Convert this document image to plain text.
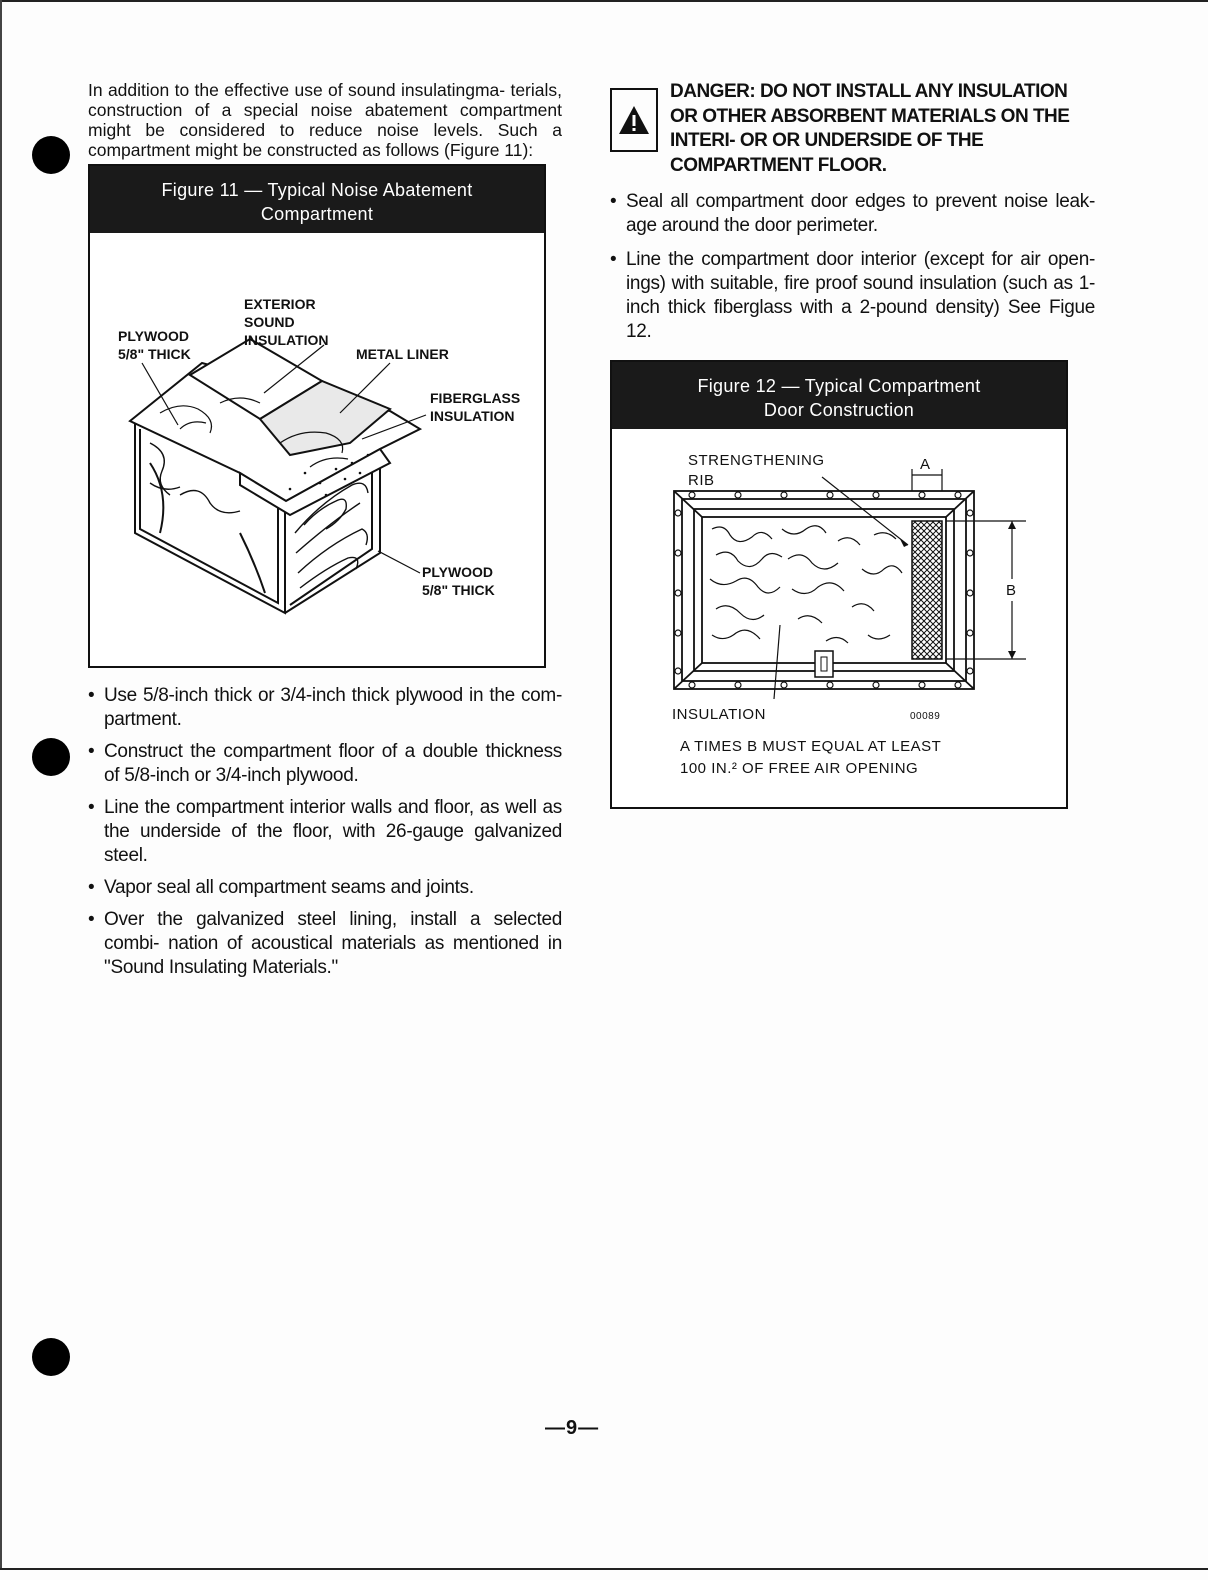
In addition to the effective use of sound insulatingma- terials, construction of a special noise abatement compartment might be considered to reduce noise levels. Such a compartment might be constructed as follows (Figure 11):

Figure 11 — Typical Noise Abatement
Compartment
EXTERIOR
SOUND
INSULATION
PLYWOOD
5/8" THICK	METAL LINER
FIBERGLASS
INSULATION
PLYWOOD
5/8" THICK
• Use 5/8-inch thick or 3/4-inch thick plywood in the com- partment.
• Construct the compartment floor of a double thickness of 5/8-inch or 3/4-inch plywood.
• Line the compartment interior walls and floor, as well as the underside of the floor, with 26-gauge galvanized steel.
• Vapor seal all compartment seams and joints.
• Over the galvanized steel lining, install a selected combi- nation of acoustical materials as mentioned in "Sound Insulating Materials."
DANGER: DO NOT INSTALL ANY INSULATION OR OTHER ABSORBENT MATERIALS ON THE INTERI- OR OR UNDERSIDE OF THE COMPARTMENT FLOOR.
• Seal all compartment door edges to prevent noise leak- age around the door perimeter.
• Line the compartment door interior (except for air open- ings) with suitable, fire proof sound insulation (such as 1- inch thick fiberglass with a 2-pound density) See Figue 12.
Figure 12 — Typical Compartment
Door Construction
STRENGTHENING
RIB
A
B
INSULATION	00089
A TIMES B MUST EQUAL AT LEAST
100 IN.² OF FREE AIR OPENING
—9—
